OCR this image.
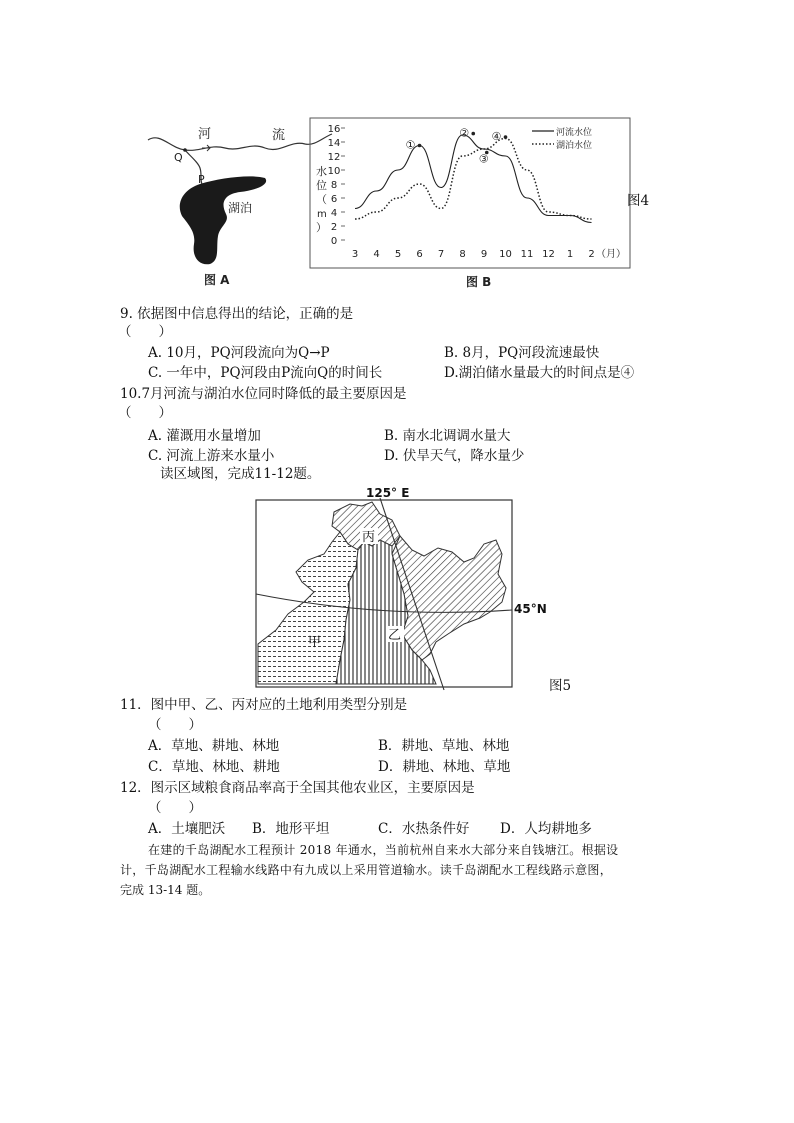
河	流
Q
P
湖泊
图 A
0
2
4
6
8
10
12
14
16
3 4 5 6 7 8 9 10 11 12 1 2
①
②
③
④
水
位
（
m
）
河流水位
湖泊水位
（月）
图 B
图4
9. 依据图中信息得出的结论，正确的是
（　　）
A. 10月，PQ河段流向为Q→P	B. 8月，PQ河段流速最快
C. 一年中，PQ河段由P流向Q的时间长	D.湖泊储水量最大的时间点是④
10.7月河流与湖泊水位同时降低的最主要原因是
（　　）
A. 灌溉用水量增加	B. 南水北调调水量大
C. 河流上游来水量小	D. 伏旱天气，降水量少
读区域图，完成11-12题。
125° E
45°N
丙
甲	乙
图5
11．图中甲、乙、丙对应的土地利用类型分别是
（　　）
A．草地、耕地、林地	B．耕地、草地、林地
C．草地、林地、耕地	D．耕地、林地、草地
12．图示区域粮食商品率高于全国其他农业区，主要原因是
（　　）
A．土壤肥沃 B．地形平坦	C．水热条件好 D．人均耕地多
在建的千岛湖配水工程预计 2018 年通水，当前杭州自来水大部分来自钱塘江。根据设
计，千岛湖配水工程输水线路中有九成以上采用管道输水。读千岛湖配水工程线路示意图，
完成 13-14 题。
